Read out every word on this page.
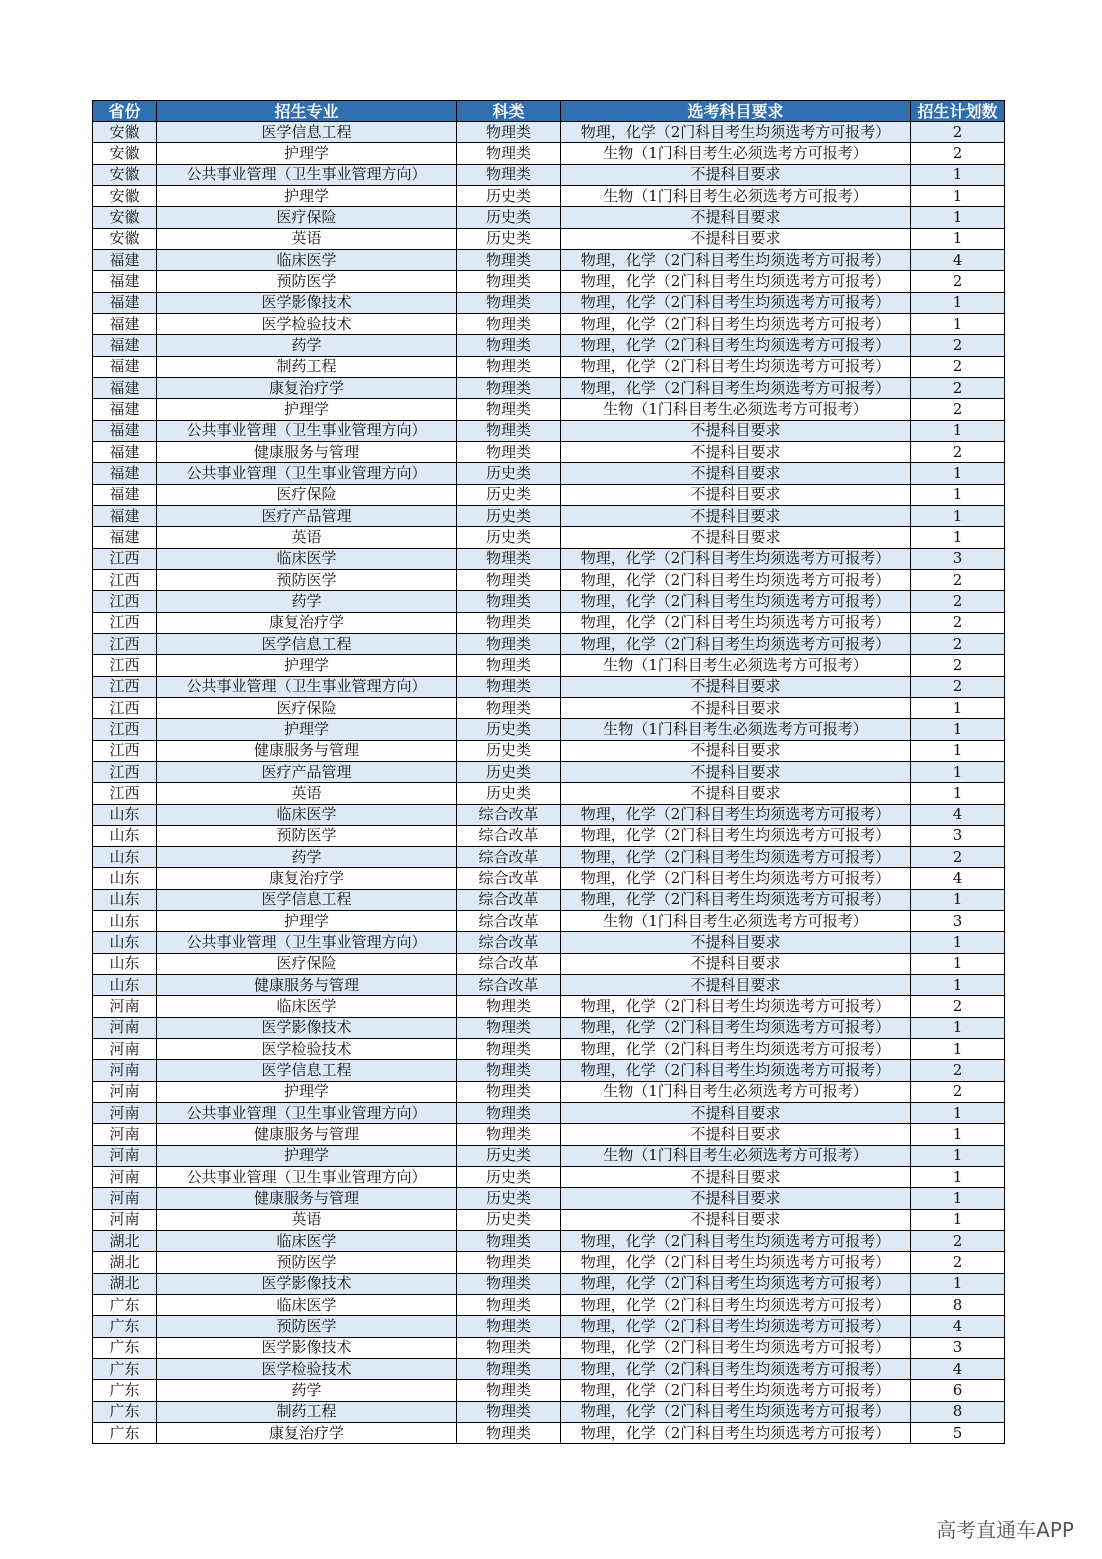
省份	招生专业	科类	选考科目要求	招生计划数
安徽	医学信息工程	物理类	物理，化学（2门科目考生均须选考方可报考）	2
安徽	护理学	物理类	生物（1门科目考生必须选考方可报考）	2
安徽	公共事业管理（卫生事业管理方向）	物理类	不提科目要求	1
安徽	护理学	历史类	生物（1门科目考生必须选考方可报考）	1
安徽	医疗保险	历史类	不提科目要求	1
安徽	英语	历史类	不提科目要求	1
福建	临床医学	物理类	物理，化学（2门科目考生均须选考方可报考）	4
福建	预防医学	物理类	物理，化学（2门科目考生均须选考方可报考）	2
福建	医学影像技术	物理类	物理，化学（2门科目考生均须选考方可报考）	1
福建	医学检验技术	物理类	物理，化学（2门科目考生均须选考方可报考）	1
福建	药学	物理类	物理，化学（2门科目考生均须选考方可报考）	2
福建	制药工程	物理类	物理，化学（2门科目考生均须选考方可报考）	2
福建	康复治疗学	物理类	物理，化学（2门科目考生均须选考方可报考）	2
福建	护理学	物理类	生物（1门科目考生必须选考方可报考）	2
福建	公共事业管理（卫生事业管理方向）	物理类	不提科目要求	1
福建	健康服务与管理	物理类	不提科目要求	2
福建	公共事业管理（卫生事业管理方向）	历史类	不提科目要求	1
福建	医疗保险	历史类	不提科目要求	1
福建	医疗产品管理	历史类	不提科目要求	1
福建	英语	历史类	不提科目要求	1
江西	临床医学	物理类	物理，化学（2门科目考生均须选考方可报考）	3
江西	预防医学	物理类	物理，化学（2门科目考生均须选考方可报考）	2
江西	药学	物理类	物理，化学（2门科目考生均须选考方可报考）	2
江西	康复治疗学	物理类	物理，化学（2门科目考生均须选考方可报考）	2
江西	医学信息工程	物理类	物理，化学（2门科目考生均须选考方可报考）	2
江西	护理学	物理类	生物（1门科目考生必须选考方可报考）	2
江西	公共事业管理（卫生事业管理方向）	物理类	不提科目要求	2
江西	医疗保险	物理类	不提科目要求	1
江西	护理学	历史类	生物（1门科目考生必须选考方可报考）	1
江西	健康服务与管理	历史类	不提科目要求	1
江西	医疗产品管理	历史类	不提科目要求	1
江西	英语	历史类	不提科目要求	1
山东	临床医学	综合改革	物理，化学（2门科目考生均须选考方可报考）	4
山东	预防医学	综合改革	物理，化学（2门科目考生均须选考方可报考）	3
山东	药学	综合改革	物理，化学（2门科目考生均须选考方可报考）	2
山东	康复治疗学	综合改革	物理，化学（2门科目考生均须选考方可报考）	4
山东	医学信息工程	综合改革	物理，化学（2门科目考生均须选考方可报考）	1
山东	护理学	综合改革	生物（1门科目考生必须选考方可报考）	3
山东	公共事业管理（卫生事业管理方向）	综合改革	不提科目要求	1
山东	医疗保险	综合改革	不提科目要求	1
山东	健康服务与管理	综合改革	不提科目要求	1
河南	临床医学	物理类	物理，化学（2门科目考生均须选考方可报考）	2
河南	医学影像技术	物理类	物理，化学（2门科目考生均须选考方可报考）	1
河南	医学检验技术	物理类	物理，化学（2门科目考生均须选考方可报考）	1
河南	医学信息工程	物理类	物理，化学（2门科目考生均须选考方可报考）	2
河南	护理学	物理类	生物（1门科目考生必须选考方可报考）	2
河南	公共事业管理（卫生事业管理方向）	物理类	不提科目要求	1
河南	健康服务与管理	物理类	不提科目要求	1
河南	护理学	历史类	生物（1门科目考生必须选考方可报考）	1
河南	公共事业管理（卫生事业管理方向）	历史类	不提科目要求	1
河南	健康服务与管理	历史类	不提科目要求	1
河南	英语	历史类	不提科目要求	1
湖北	临床医学	物理类	物理，化学（2门科目考生均须选考方可报考）	2
湖北	预防医学	物理类	物理，化学（2门科目考生均须选考方可报考）	2
湖北	医学影像技术	物理类	物理，化学（2门科目考生均须选考方可报考）	1
广东	临床医学	物理类	物理，化学（2门科目考生均须选考方可报考）	8
广东	预防医学	物理类	物理，化学（2门科目考生均须选考方可报考）	4
广东	医学影像技术	物理类	物理，化学（2门科目考生均须选考方可报考）	3
广东	医学检验技术	物理类	物理，化学（2门科目考生均须选考方可报考）	4
广东	药学	物理类	物理，化学（2门科目考生均须选考方可报考）	6
广东	制药工程	物理类	物理，化学（2门科目考生均须选考方可报考）	8
广东	康复治疗学	物理类	物理，化学（2门科目考生均须选考方可报考）	5
高考直通车APP
